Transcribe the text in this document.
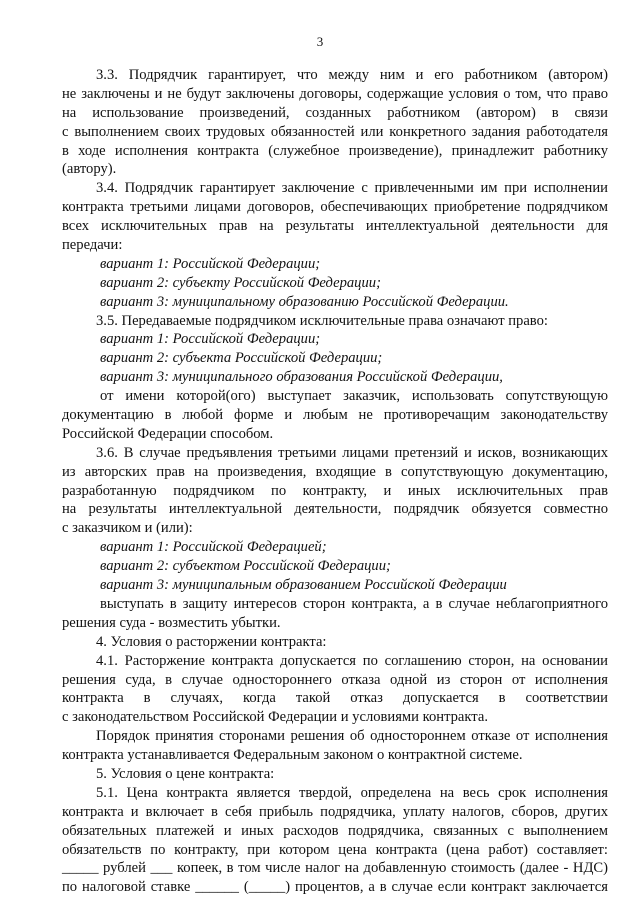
3
3.3. Подрядчик гарантирует, что между ним и его работником (автором)
не заключены и не будут заключены договоры, содержащие условия о том, что право
на использование произведений, созданных работником (автором) в связи
с выполнением своих трудовых обязанностей или конкретного задания работодателя
в ходе исполнения контракта (служебное произведение), принадлежит работнику
(автору).
3.4. Подрядчик гарантирует заключение с привлеченными им при исполнении
контракта третьими лицами договоров, обеспечивающих приобретение подрядчиком
всех исключительных прав на результаты интеллектуальной деятельности для
передачи:
вариант 1: Российской Федерации;
вариант 2: субъекту Российской Федерации;
вариант 3: муниципальному образованию Российской Федерации.
3.5. Передаваемые подрядчиком исключительные права означают право:
вариант 1: Российской Федерации;
вариант 2: субъекта Российской Федерации;
вариант 3: муниципального образования Российской Федерации,
от имени которой(ого) выступает заказчик, использовать сопутствующую
документацию в любой форме и любым не противоречащим законодательству
Российской Федерации способом.
3.6. В случае предъявления третьими лицами претензий и исков, возникающих
из авторских прав на произведения, входящие в сопутствующую документацию,
разработанную подрядчиком по контракту, и иных исключительных прав
на результаты интеллектуальной деятельности, подрядчик обязуется совместно
с заказчиком и (или):
вариант 1: Российской Федерацией;
вариант 2: субъектом Российской Федерации;
вариант 3: муниципальным образованием Российской Федерации
выступать в защиту интересов сторон контракта, а в случае неблагоприятного
решения суда - возместить убытки.
4. Условия о расторжении контракта:
4.1. Расторжение контракта допускается по соглашению сторон, на основании
решения суда, в случае одностороннего отказа одной из сторон от исполнения
контракта в случаях, когда такой отказ допускается в соответствии
с законодательством Российской Федерации и условиями контракта.
Порядок принятия сторонами решения об одностороннем отказе от исполнения
контракта устанавливается Федеральным законом о контрактной системе.
5. Условия о цене контракта:
5.1. Цена контракта является твердой, определена на весь срок исполнения
контракта и включает в себя прибыль подрядчика, уплату налогов, сборов, других
обязательных платежей и иных расходов подрядчика, связанных с выполнением
обязательств по контракту, при котором цена контракта (цена работ) составляет:
_____ рублей ___ копеек, в том числе налог на добавленную стоимость (далее - НДС)
по налоговой ставке ______ (_____) процентов, а в случае если контракт заключается
